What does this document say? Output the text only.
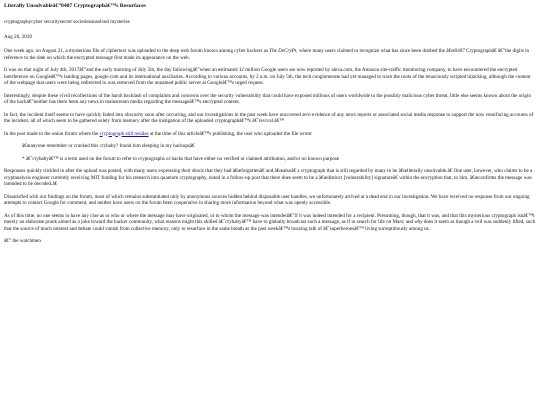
Literally Unsolvableâ€”0407 Cryptographâ€™s Resurfaces

cryptographycyber securitysecret societiesunsolved mysteries

Aug 28, 2018

One week ago, on August 21, a mysterious file of ciphertext was uploaded to the deep web forum known among cyber hackers as The DeCryPt, where many users claimed to recognize what has since been dubbed the â€œ0407 Cryptographâ€ â€”the digits in reference to the date on which the encrypted message first made its appearance on the web.

It was on that night of July 4th, 2017â€”and the early morning of July 5th, the day followingâ€”when an estimated 12 million Google users are now reported by alexa.com, the Amazon site-traffic monitoring company, to have encountered the encrypted interference on Googleâ€™s landing pages, google.com and its international auxiliaries. According to various accounts, by 2 a.m. on July 5th, the tech conglomerate had yet managed to trace the roots of the tenaciously scripted hijacking, although the content of the webpage that users were being redirected to was removed from the unnamed public server at Googleâ€™s urged request.

Interestingly, despite these vivid recollections of the harsh backlash of complaints and concerns over the security vulnerability that could have exposed millions of users worldwide to the possibly malicious cyber threat, little else seems known about the origin of the hackâ€”neither has there been any news in mainstream media regarding the messageâ€™s encrypted content.

In fact, the incident itself seems to have quickly faded into obscurity soon after occurring, and our investigations in the past week have uncovered zero evidence of any news reports or associated social media response to support the now resurfacing accounts of the incident, all of which seem to be gathered solely from memory after the instigation of the uploaded cryptographâ€™s â€˜revival.â€™

In the post made to the onion forum where the cryptograph still resides at the time of this articleâ€™s publishing, the user who uploaded the file wrote:

â€œanyone remember or cracked this crybaby? found him sleeping in my backupsâ€

* â€˜crybabyâ€™ is a term used on the forum to refer to cryptographs or hacks that have either no verified or claimed attribution, and/or no known purpose

Responses quickly trickled in after the upload was posted, with many users expressing their shock that they had â€œforgottenâ€ and â€œalsoâ€ a cryptograph that is still regarded by many to be â€œliterally unsolvable.â€ One user, however, who claims to be a cryptanalysis engineer currently receiving MIT funding for his research into quantum cryptography, noted in a follow-up post that there does seem to be a â€œdistinct [vulnerability] signatureâ€ within the encryption that, to him, â€œconfirms the message was intended to be decoded.â€

Dissatisfied with our findings on the forum, most of which remains substantiated only by anonymous sources hidden behind disposable user handles, we unfortunately arrived at a dead end in our investigation. We have received no response from our ongoing attempts to contact Google for comment, and neither have users on the forum been cooperative in sharing more information beyond what was openly accessible.

As of this time, no one seems to have any clue as to who or where the message may have originated, or to whom the message was intendedâ€”if it was indeed intended for a recipient. Presuming, though, that it was, and that this mysterious cryptograph isnâ€™t merely an elaborate prank aimed as a joke toward the hacker community, what reasons might this skilled â€˜crybabyâ€™ have to globally broadcast such a message, as if in search for life on Mars; and why does it seem as though a veil was suddenly lifted, such that the source of much interest and debate could vanish from collective memory, only to resurface in the same breath as the past weekâ€™s buzzing talk of â€˜superheroesâ€™ living surreptitiously among us.

â€” the watchmen
